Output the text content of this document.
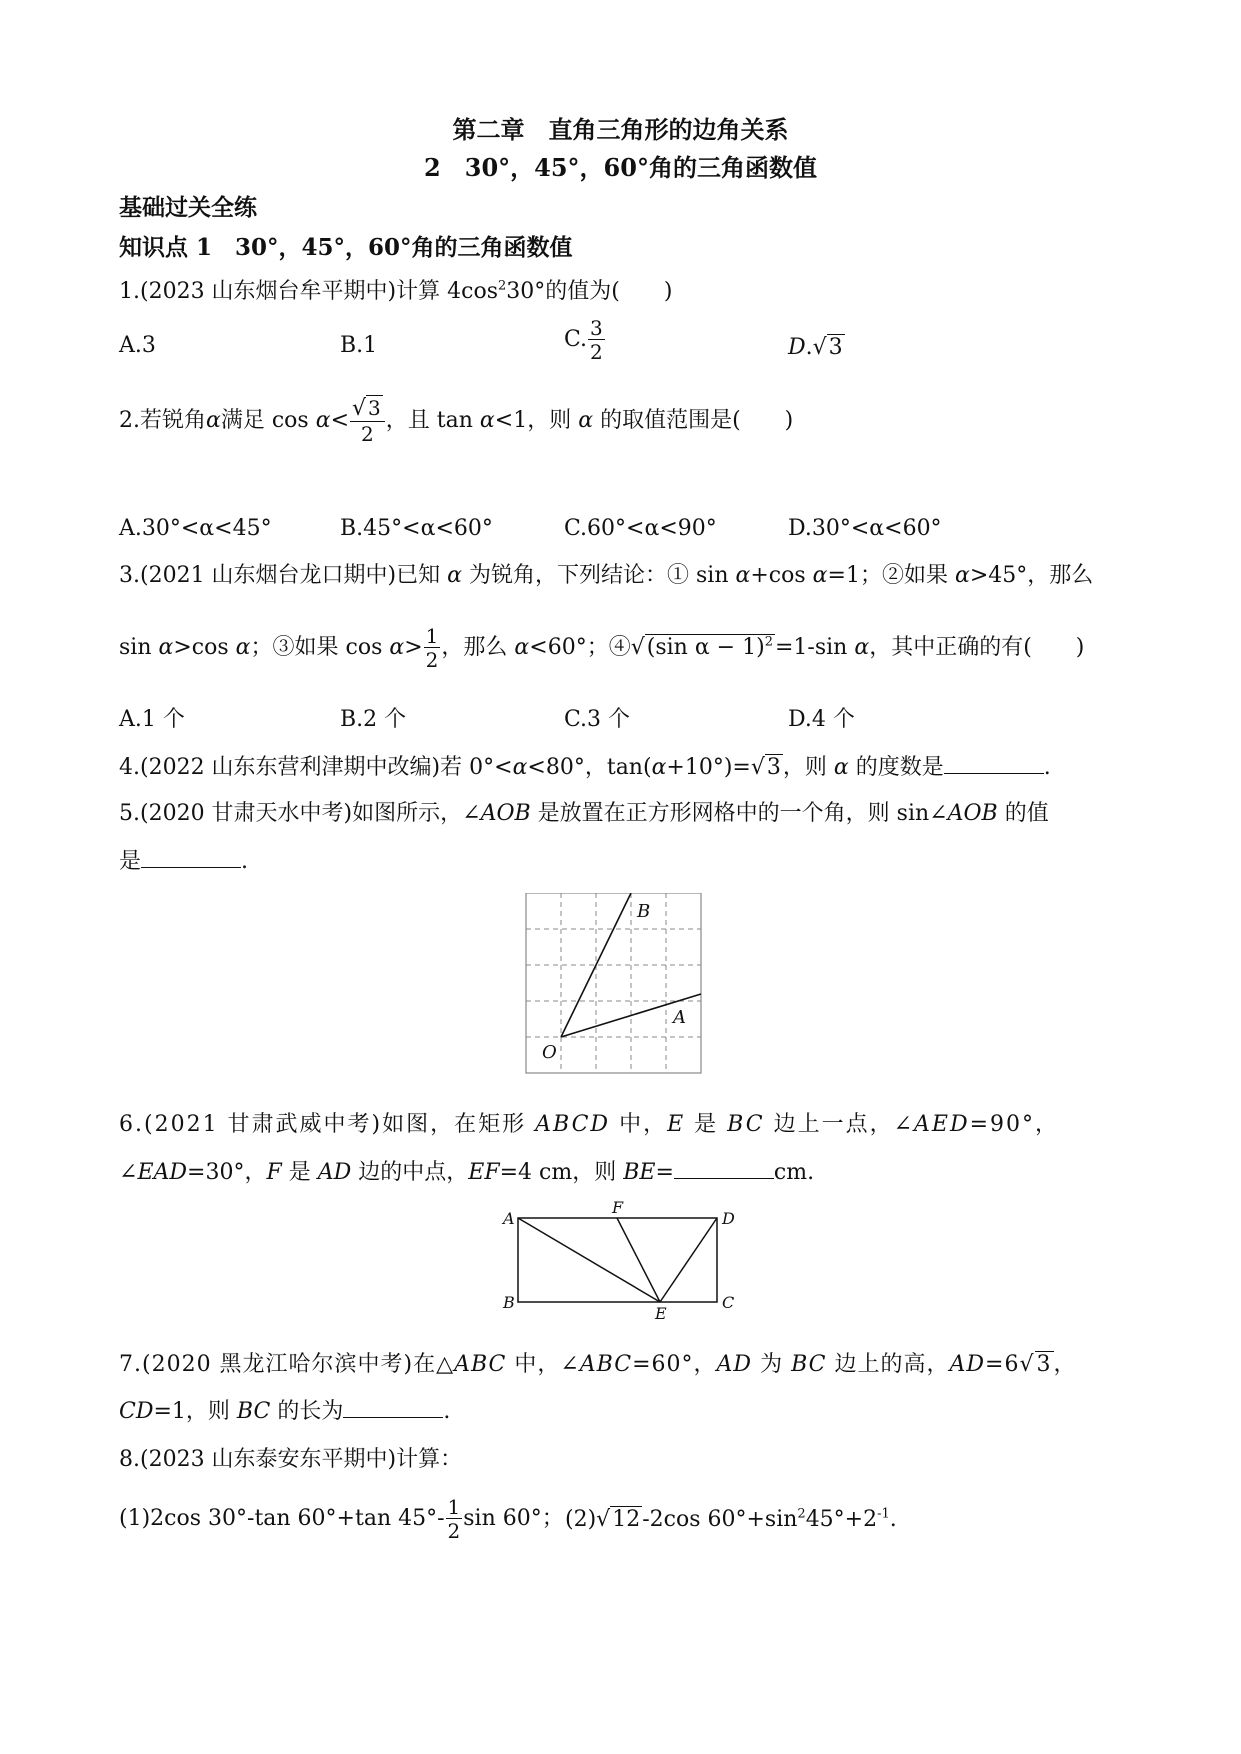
第二章　直角三角形的边角关系
2　30°，45°，60°角的三角函数值
基础过关全练
知识点 1　30°，45°，60°角的三角函数值
1.(2023 山东烟台牟平期中)计算 $4\cos^230^\circ$的值为(　　)
A.3	B.1	C. $\frac{3}{2}$	D.√3
2.若锐角α满足 $\cos \alpha< \frac{√ 3}{2}$ ，且 tan α<1，则 α 的取值范围是(　　)
A.30°<α<45°	B.45°<α<60°	C.60°<α<90°	D.30°<α<60°
3.(2021 山东烟台龙口期中)已知 α 为锐角，下列结论：① sin α+cos α=1；②如果 α>45°，那么
sin α>cos α；③如果 $\cos \alpha> \frac{1}{2}$ ，那么 α<60°；④√(sin α − 1)$^2$=1-sin α，其中正确的有(　　)
A.1 个	B.2 个	C.3 个	D.4 个
4.(2022 山东东营利津期中改编)若 0°<α<80°，tan(α+10°)=√3，则 α 的度数是	.
5.(2020 甘肃天水中考)如图所示，∠AOB 是放置在正方形网格中的一个角，则 sin∠AOB 的值
是	.
O
A
B
6.(2021 甘肃武威中考)如图，在矩形 ABCD 中，E 是 BC 边上一点，∠AED=90°，
∠EAD=30°，F 是 AD 边的中点，EF=4 cm，则 BE=	cm.
A
F
D
B
E
C
7.(2020 黑龙江哈尔滨中考)在△ABC 中，∠ABC=60°，AD 为 BC 边上的高，AD=6√3，
CD=1，则 BC 的长为	.
8.(2023 山东泰安东平期中)计算：
(1)2cos 30°-tan 60°+tan $45^\circ- \frac{1}{2}$ sin 60°； (2)√12-2cos $60^\circ+\sin^245^\circ+2^{-1}$.
